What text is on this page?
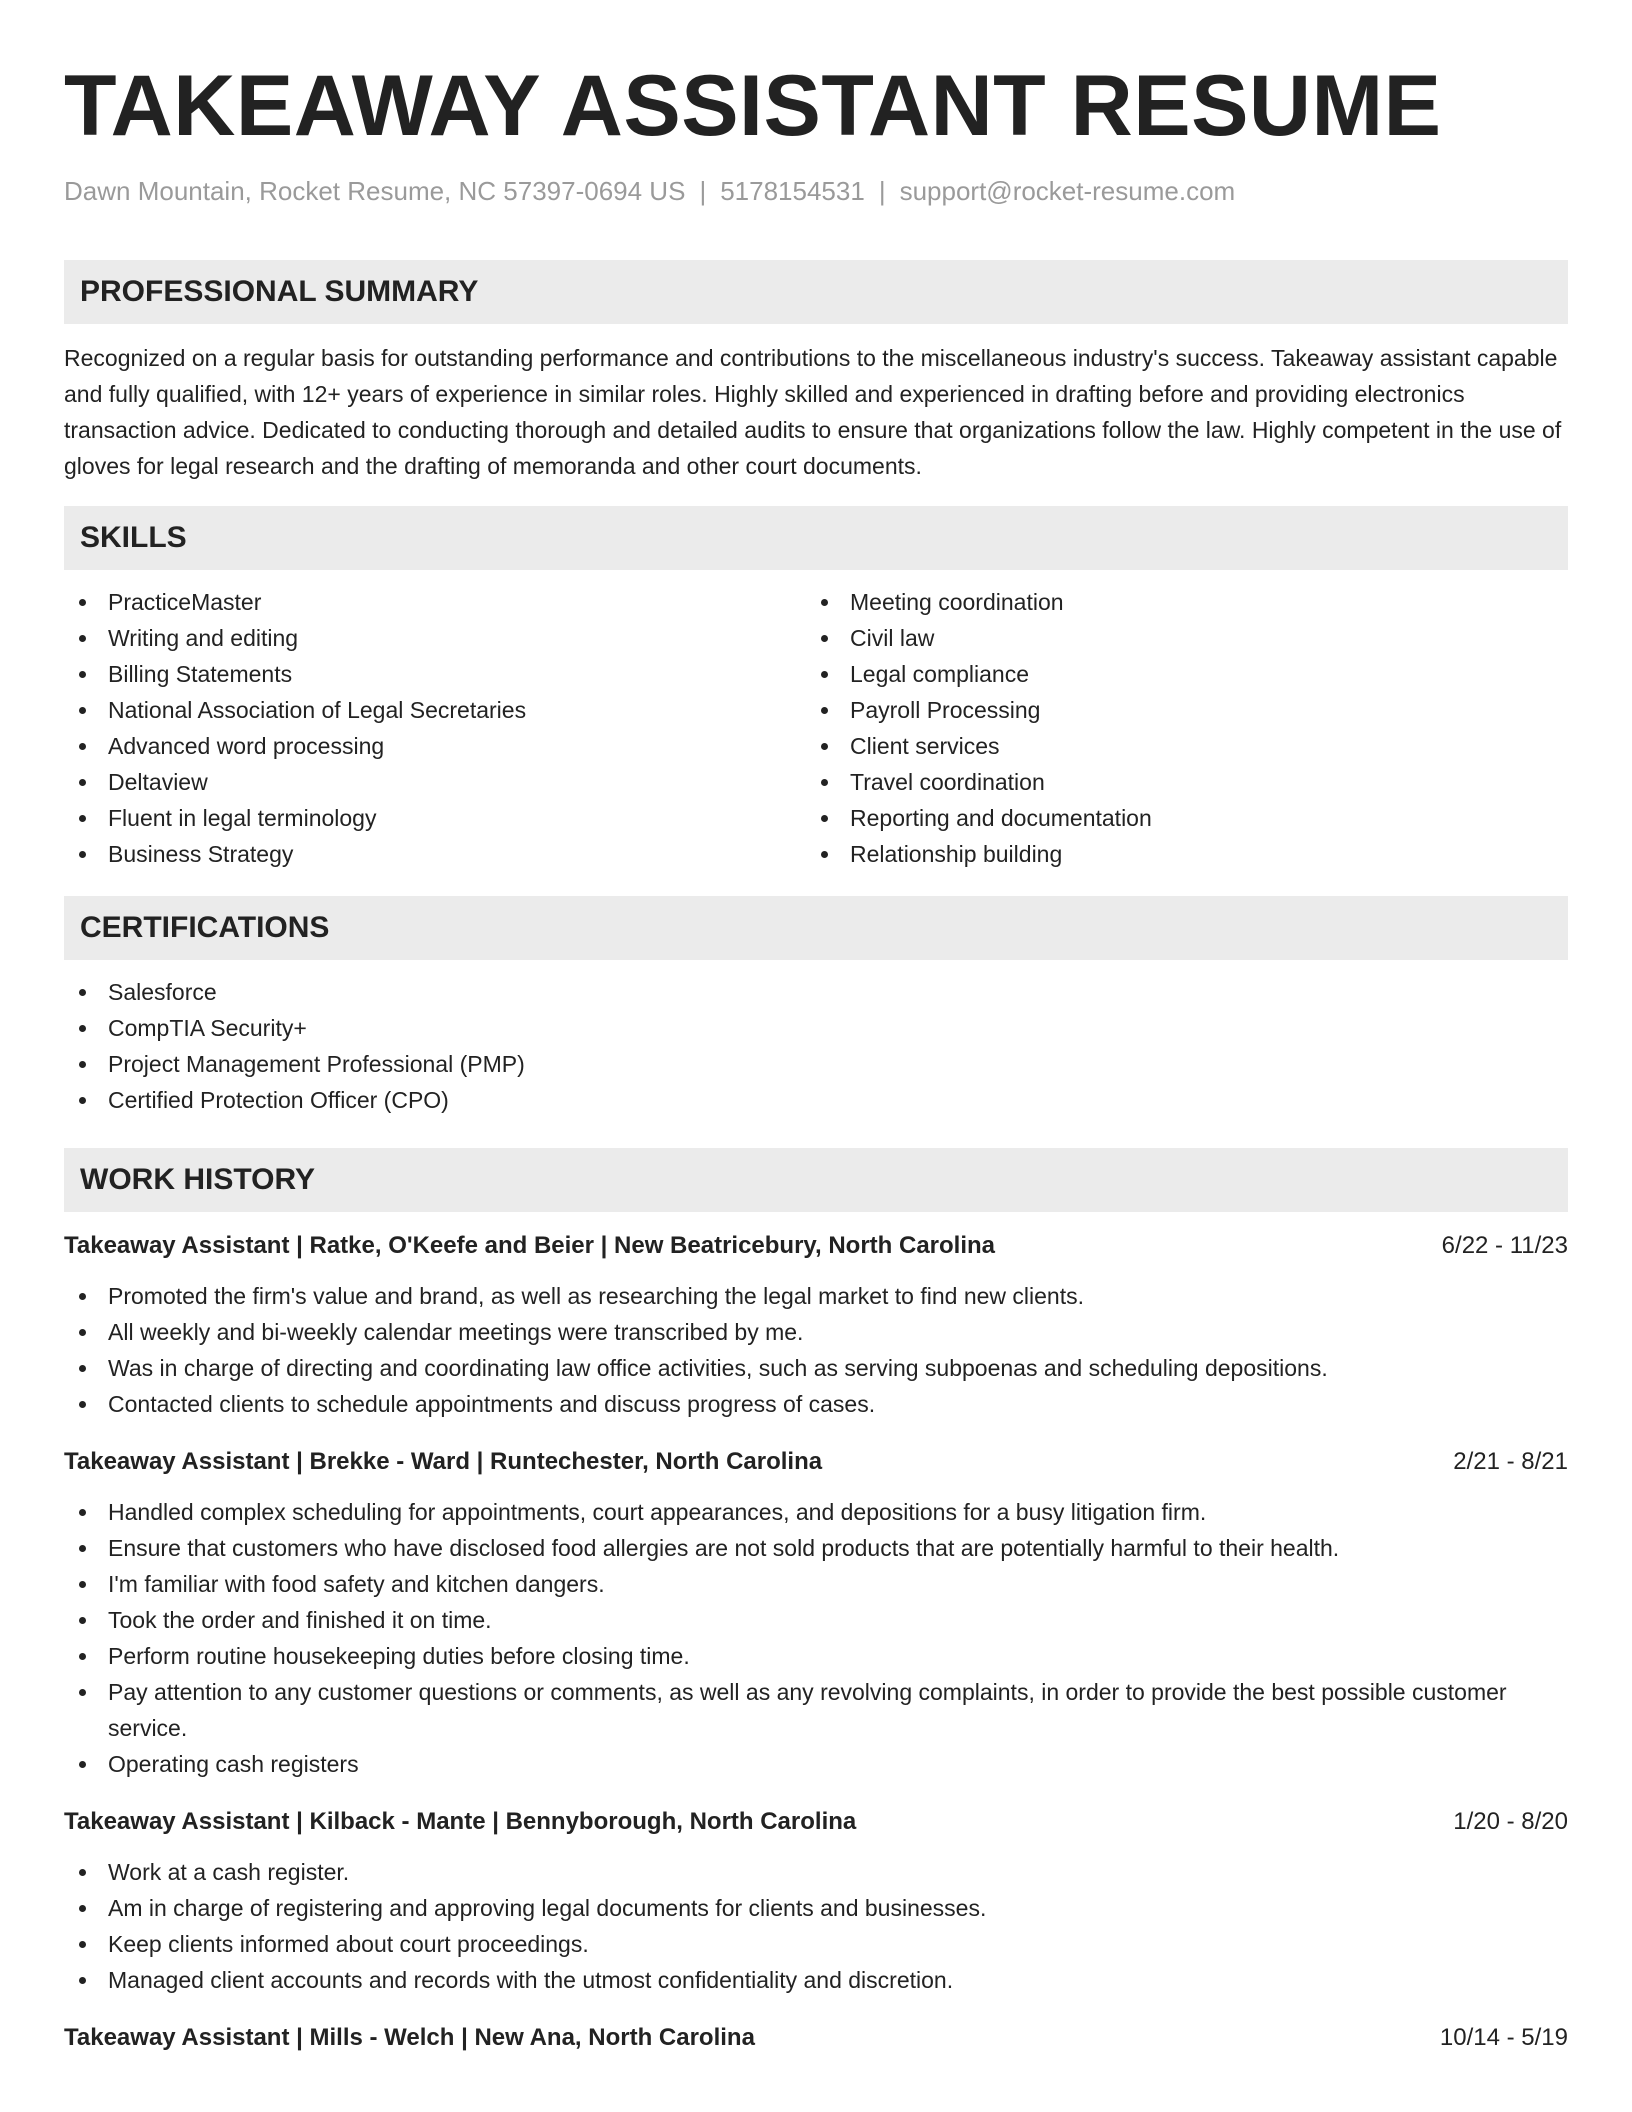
TAKEAWAY ASSISTANT RESUME
Dawn Mountain, Rocket Resume, NC 57397-0694 US | 5178154531 | support@rocket-resume.com
PROFESSIONAL SUMMARY

Recognized on a regular basis for outstanding performance and contributions to the miscellaneous industry's success. Takeaway assistant capable and fully qualified, with 12+ years of experience in similar roles. Highly skilled and experienced in drafting before and providing electronics transaction advice. Dedicated to conducting thorough and detailed audits to ensure that organizations follow the law. Highly competent in the use of gloves for legal research and the drafting of memoranda and other court documents.

SKILLS
PracticeMaster
Writing and editing
Billing Statements
National Association of Legal Secretaries
Advanced word processing
Deltaview
Fluent in legal terminology
Business Strategy
Meeting coordination
Civil law
Legal compliance
Payroll Processing
Client services
Travel coordination
Reporting and documentation
Relationship building
CERTIFICATIONS
Salesforce
CompTIA Security+
Project Management Professional (PMP)
Certified Protection Officer (CPO)
WORK HISTORY
Takeaway Assistant | Ratke, O'Keefe and Beier | New Beatricebury, North Carolina	6/22 - 11/23
Promoted the firm's value and brand, as well as researching the legal market to find new clients.
All weekly and bi-weekly calendar meetings were transcribed by me.
Was in charge of directing and coordinating law office activities, such as serving subpoenas and scheduling depositions.
Contacted clients to schedule appointments and discuss progress of cases.
Takeaway Assistant | Brekke - Ward | Runtechester, North Carolina	2/21 - 8/21
Handled complex scheduling for appointments, court appearances, and depositions for a busy litigation firm.
Ensure that customers who have disclosed food allergies are not sold products that are potentially harmful to their health.
I'm familiar with food safety and kitchen dangers.
Took the order and finished it on time.
Perform routine housekeeping duties before closing time.
Pay attention to any customer questions or comments, as well as any revolving complaints, in order to provide the best possible customer service.
Operating cash registers
Takeaway Assistant | Kilback - Mante | Bennyborough, North Carolina	1/20 - 8/20
Work at a cash register.
Am in charge of registering and approving legal documents for clients and businesses.
Keep clients informed about court proceedings.
Managed client accounts and records with the utmost confidentiality and discretion.
Takeaway Assistant | Mills - Welch | New Ana, North Carolina	10/14 - 5/19
